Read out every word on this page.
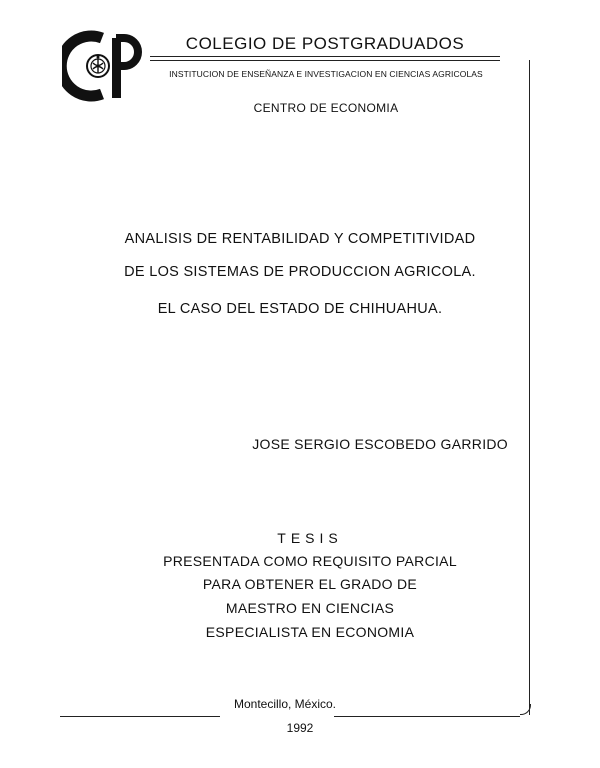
COLEGIO DE POSTGRADUADOS
INSTITUCION DE ENSEÑANZA E INVESTIGACION EN CIENCIAS AGRICOLAS
CENTRO DE ECONOMIA
ANALISIS DE RENTABILIDAD Y COMPETITIVIDAD
DE LOS SISTEMAS DE PRODUCCION AGRICOLA.
EL CASO DEL ESTADO DE CHIHUAHUA.
JOSE SERGIO ESCOBEDO GARRIDO
TESIS
PRESENTADA COMO REQUISITO PARCIAL
PARA OBTENER EL GRADO DE
MAESTRO EN CIENCIAS
ESPECIALISTA EN ECONOMIA
Montecillo, México.
1992
